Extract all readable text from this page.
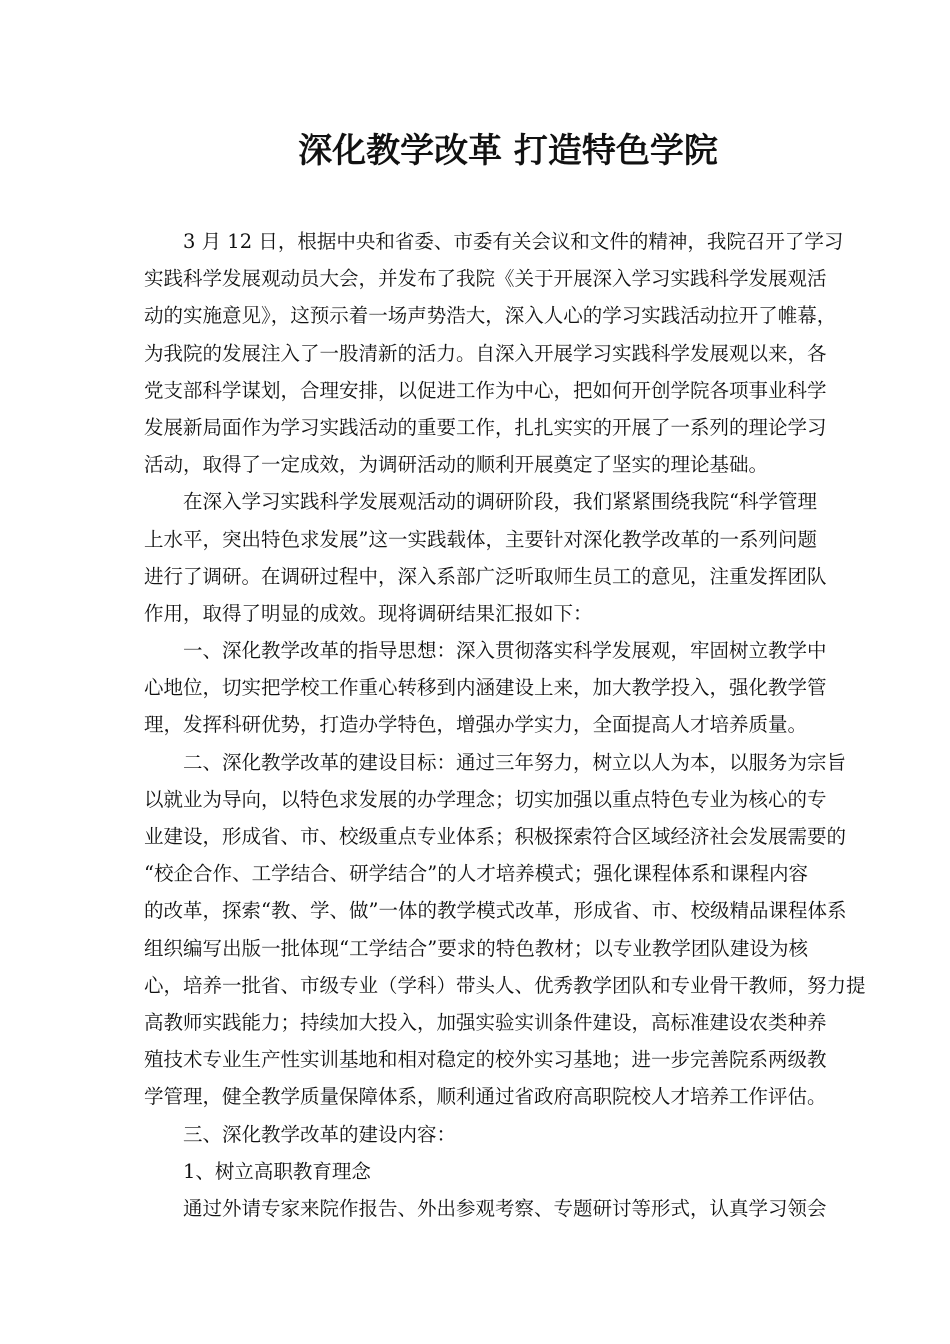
深化教学改革 打造特色学院
3 月 12 日，根据中央和省委、市委有关会议和文件的精神，我院召开了学习
实践科学发展观动员大会，并发布了我院《关于开展深入学习实践科学发展观活
动的实施意见》，这预示着一场声势浩大，深入人心的学习实践活动拉开了帷幕，
为我院的发展注入了一股清新的活力。自深入开展学习实践科学发展观以来，各
党支部科学谋划，合理安排，以促进工作为中心，把如何开创学院各项事业科学
发展新局面作为学习实践活动的重要工作，扎扎实实的开展了一系列的理论学习
活动，取得了一定成效，为调研活动的顺利开展奠定了坚实的理论基础。
在深入学习实践科学发展观活动的调研阶段，我们紧紧围绕我院“科学管理
上水平，突出特色求发展”这一实践载体，主要针对深化教学改革的一系列问题
进行了调研。在调研过程中，深入系部广泛听取师生员工的意见，注重发挥团队
作用，取得了明显的成效。现将调研结果汇报如下：
一、深化教学改革的指导思想：深入贯彻落实科学发展观，牢固树立教学中
心地位，切实把学校工作重心转移到内涵建设上来，加大教学投入，强化教学管
理，发挥科研优势，打造办学特色，增强办学实力，全面提高人才培养质量。
二、深化教学改革的建设目标：通过三年努力，树立以人为本，以服务为宗旨
以就业为导向，以特色求发展的办学理念；切实加强以重点特色专业为核心的专
业建设，形成省、市、校级重点专业体系；积极探索符合区域经济社会发展需要的
“校企合作、工学结合、研学结合”的人才培养模式；强化课程体系和课程内容
的改革，探索“教、学、做”一体的教学模式改革，形成省、市、校级精品课程体系
组织编写出版一批体现“工学结合”要求的特色教材；以专业教学团队建设为核
心，培养一批省、市级专业（学科）带头人、优秀教学团队和专业骨干教师，努力提
高教师实践能力；持续加大投入，加强实验实训条件建设，高标准建设农类种养
殖技术专业生产性实训基地和相对稳定的校外实习基地；进一步完善院系两级教
学管理，健全教学质量保障体系，顺利通过省政府高职院校人才培养工作评估。
三、深化教学改革的建设内容：
1、树立高职教育理念
通过外请专家来院作报告、外出参观考察、专题研讨等形式，认真学习领会
